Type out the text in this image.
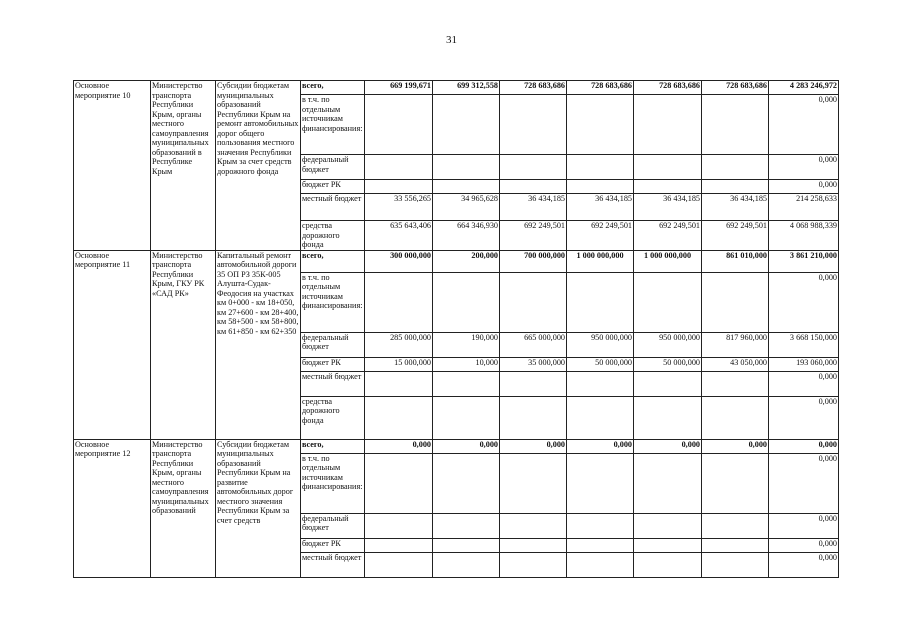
31
Основное мероприятие 10	Министерство транспорта Республики Крым, органы местного самоуправления муниципальных образований в Республике Крым	Субсидии бюджетам муниципальных образований Республики Крым на ремонт автомобильных дорог общего пользования местного значения Республики Крым за счет средств дорожного фонда	всего,	669 199,671	699 312,558	728 683,686	728 683,686	728 683,686	728 683,686	4 283 246,972
			в т.ч. по отдельным источникам финансирования:							0,000
			федеральный бюджет							0,000
			бюджет РК							0,000
			местный бюджет	33 556,265	34 965,628	36 434,185	36 434,185	36 434,185	36 434,185	214 258,633
			средства дорожного фонда	635 643,406	664 346,930	692 249,501	692 249,501	692 249,501	692 249,501	4 068 988,339
Основное мероприятие 11	Министерство транспорта Республики Крым, ГКУ РК «САД РК»	Капитальный ремонт автомобильной дороги 35 ОП РЗ 35К-005 Алушта-Судак-Феодосия на участках км 0+000 - км 18+050, км 27+600 - км 28+400, км 58+500 - км 58+800, км 61+850 - км 62+350	всего,	300 000,000	200,000	700 000,000	1 000 000,000	1 000 000,000	861 010,000	3 861 210,000
			в т.ч. по отдельным источникам финансирования:							0,000
			федеральный бюджет	285 000,000	190,000	665 000,000	950 000,000	950 000,000	817 960,000	3 668 150,000
			бюджет РК	15 000,000	10,000	35 000,000	50 000,000	50 000,000	43 050,000	193 060,000
			местный бюджет							0,000
			средства дорожного фонда							0,000
Основное мероприятие 12	Министерство транспорта Республики Крым, органы местного самоуправления муниципальных образований	Субсидии бюджетам муниципальных образований Республики Крым на развитие автомобильных дорог местного значения Республики Крым за счет средств	всего,	0,000	0,000	0,000	0,000	0,000	0,000	0,000
			в т.ч. по отдельным источникам финансирования:							0,000
			федеральный бюджет							0,000
			бюджет РК							0,000
			местный бюджет							0,000
